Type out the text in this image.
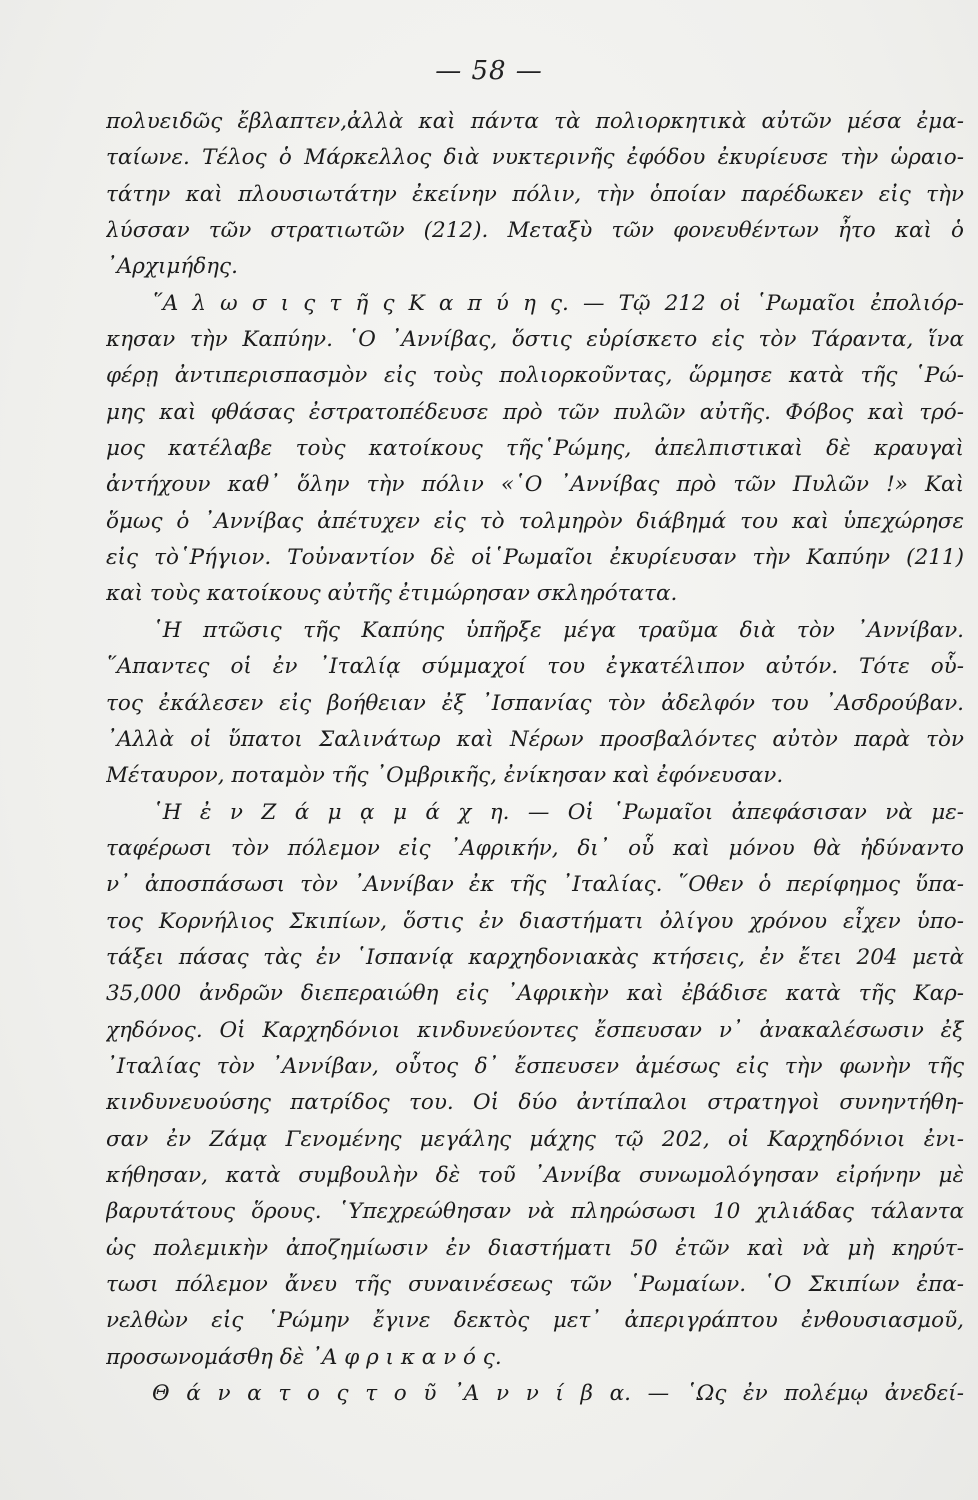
— 58 —
πολυειδῶς ἔβλαπτεν,ἀλλὰ καὶ πάντα τὰ πολιορκητικὰ αὐτῶν μέσα ἐμα-
ταίωνε. Τέλος ὁ Μάρκελλος διὰ νυκτερινῆς ἐφόδου ἐκυρίευσε τὴν ὡραιο-
τάτην καὶ πλουσιωτάτην ἐκείνην πόλιν, τὴν ὁποίαν παρέδωκεν εἰς τὴν
λύσσαν τῶν στρατιωτῶν (212). Μεταξὺ τῶν φονευθέντων ἦτο καὶ ὁ
᾿Αρχιμήδης.
῞Α λ ω σ ι ς τ ῆ ς Κ α π ύ η ς. — Τῷ 212 οἱ ῾Ρωμαῖοι ἐπολιόρ-
κησαν τὴν Καπύην. ῾Ο ᾿Αννίβας, ὅστις εὑρίσκετο εἰς τὸν Τάραντα, ἵνα
φέρῃ ἀντιπερισπασμὸν εἰς τοὺς πολιορκοῦντας, ὥρμησε κατὰ τῆς ῾Ρώ-
μης καὶ φθάσας ἐστρατοπέδευσε πρὸ τῶν πυλῶν αὐτῆς. Φόβος καὶ τρό-
μος κατέλαβε τοὺς κατοίκους τῆς῾Ρώμης, ἀπελπιστικαὶ δὲ κραυγαὶ
ἀντήχουν καθ᾿ ὅλην τὴν πόλιν «῾Ο ᾿Αννίβας πρὸ τῶν Πυλῶν !» Καὶ
ὅμως ὁ ᾿Αννίβας ἀπέτυχεν εἰς τὸ τολμηρὸν διάβημά του καὶ ὑπεχώρησε
εἰς τὸ῾Ρήγιον. Τοὐναντίον δὲ οἱ῾Ρωμαῖοι ἐκυρίευσαν τὴν Καπύην (211)
καὶ τοὺς κατοίκους αὐτῆς ἐτιμώρησαν σκληρότατα.
῾Η πτῶσις τῆς Καπύης ὑπῆρξε μέγα τραῦμα διὰ τὸν ᾿Αννίβαν.
῞Απαντες οἱ ἐν ᾿Ιταλίᾳ σύμμαχοί του ἐγκατέλιπον αὐτόν. Τότε οὗ-
τος ἐκάλεσεν εἰς βοήθειαν ἐξ ᾿Ισπανίας τὸν ἀδελφόν του ᾿Ασδρούβαν.
᾿Αλλὰ οἱ ὕπατοι Σαλινάτωρ καὶ Νέρων προσβαλόντες αὐτὸν παρὰ τὸν
Μέταυρον, ποταμὸν τῆς ᾿Ομβρικῆς, ἐνίκησαν καὶ ἐφόνευσαν.
῾Η ἐ ν Ζ ά μ ᾳ μ ά χ η. — Οἱ ῾Ρωμαῖοι ἀπεφάσισαν νὰ με-
ταφέρωσι τὸν πόλεμον εἰς ᾿Αφρικήν, δι᾿ οὗ καὶ μόνου θὰ ἠδύναντο
ν᾿ ἀποσπάσωσι τὸν ᾿Αννίβαν ἐκ τῆς ᾿Ιταλίας. ῞Οθεν ὁ περίφημος ὕπα-
τος Κορνήλιος Σκιπίων, ὅστις ἐν διαστήματι ὀλίγου χρόνου εἶχεν ὑπο-
τάξει πάσας τὰς ἐν ῾Ισπανίᾳ καρχηδονιακὰς κτήσεις, ἐν ἔτει 204 μετὰ
35,000 ἀνδρῶν διεπεραιώθη εἰς ᾿Αφρικὴν καὶ ἐβάδισε κατὰ τῆς Καρ-
χηδόνος. Οἱ Καρχηδόνιοι κινδυνεύοντες ἔσπευσαν ν᾿ ἀνακαλέσωσιν ἐξ
᾿Ιταλίας τὸν ᾿Αννίβαν, οὗτος δ᾿ ἔσπευσεν ἀμέσως εἰς τὴν φωνὴν τῆς
κινδυνευούσης πατρίδος του. Οἱ δύο ἀντίπαλοι στρατηγοὶ συνηντήθη-
σαν ἐν Ζάμᾳ Γενομένης μεγάλης μάχης τῷ 202, οἱ Καρχηδόνιοι ἐνι-
κήθησαν, κατὰ συμβουλὴν δὲ τοῦ ᾿Αννίβα συνωμολόγησαν εἰρήνην μὲ
βαρυτάτους ὅρους. ῾Υπεχρεώθησαν νὰ πληρώσωσι 10 χιλιάδας τάλαντα
ὡς πολεμικὴν ἀποζημίωσιν ἐν διαστήματι 50 ἐτῶν καὶ νὰ μὴ κηρύτ-
τωσι πόλεμον ἄνευ τῆς συναινέσεως τῶν ῾Ρωμαίων. ῾Ο Σκιπίων ἐπα-
νελθὼν εἰς ῾Ρώμην ἔγινε δεκτὸς μετ᾿ ἀπεριγράπτου ἐνθουσιασμοῦ,
προσωνομάσθη δὲ ᾿Α φ ρ ι κ α ν ό ς.
Θ ά ν α τ ο ς τ ο ῦ ᾿Α ν ν ί β α. — ῾Ως ἐν πολέμῳ ἀνεδεί-
